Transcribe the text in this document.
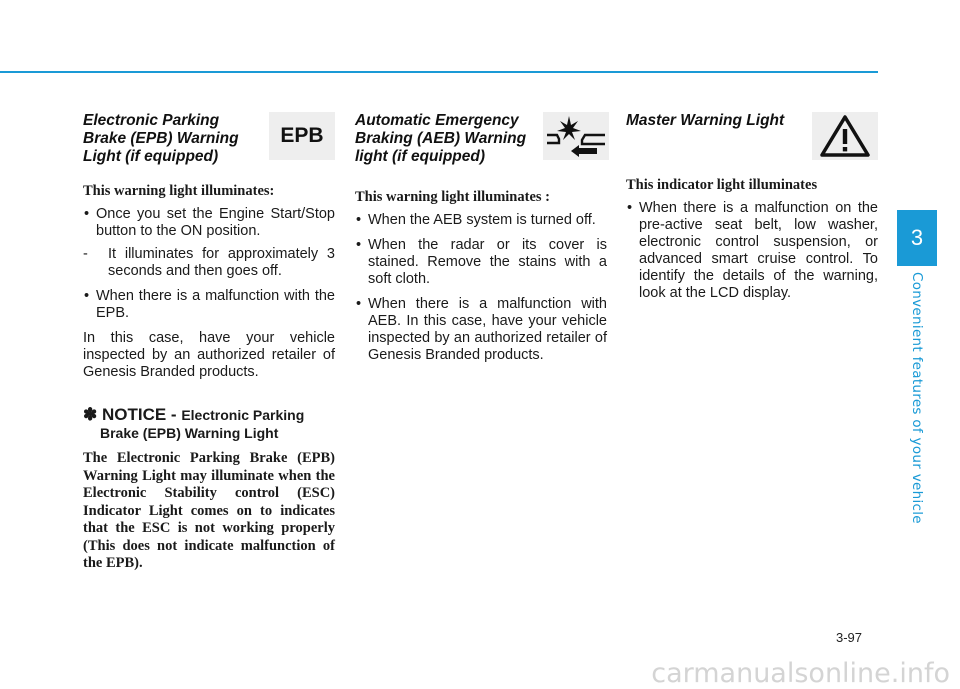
3
Convenient features of your vehicle
Electronic Parking Brake (EPB) Warning Light (if equipped)
EPB

This warning light illuminates:

• Once you set the Engine Start/Stop button to the ON position.
-	It illuminates for approximately 3 seconds and then goes off.
• When there is a malfunction with the EPB.

In this case, have your vehicle inspected by an authorized retailer of Genesis Branded products.

✽ NOTICE - Electronic Parking
Brake (EPB) Warning Light
The Electronic Parking Brake (EPB) Warning Light may illuminate when the Electronic Stability control (ESC) Indicator Light comes on to indicates that the ESC is not working properly (This does not indicate malfunction of the EPB).
Automatic Emergency Braking (AEB) Warning light (if equipped)

This warning light illuminates :

• When the AEB system is turned off.
• When the radar or its cover is stained. Remove the stains with a soft cloth.
• When there is a malfunction with AEB. In this case, have your vehicle inspected by an authorized retailer of Genesis Branded products.
Master Warning Light

This indicator light illuminates

• When there is a malfunction on the pre-active seat belt, low washer, electronic control suspension, or advanced smart cruise control. To identify the details of the warning, look at the LCD display.
3-97
carmanualsonline.info
